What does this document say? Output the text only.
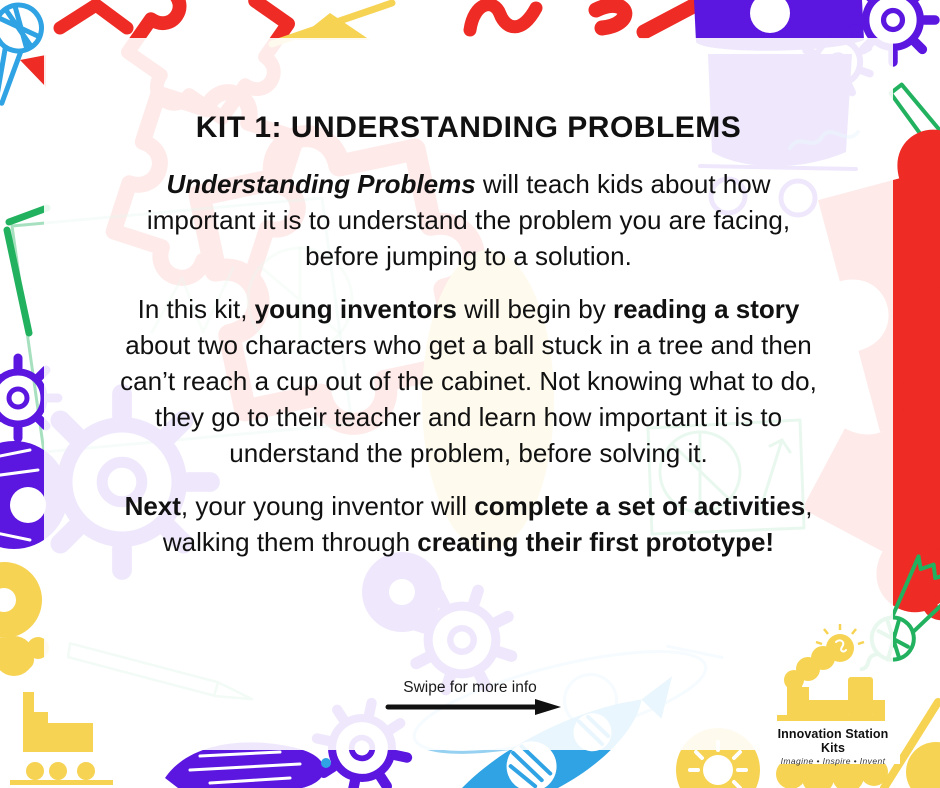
KIT 1: UNDERSTANDING PROBLEMS

Understanding Problems will teach kids about how important it is to understand the problem you are facing, before jumping to a solution.

In this kit, young inventors will begin by reading a story about two characters who get a ball stuck in a tree and then can’t reach a cup out of the cabinet. Not knowing what to do, they go to their teacher and learn how important it is to understand the problem, before solving it.

Next, your young inventor will complete a set of activities, walking them through creating their first prototype!

Swipe for more info
Innovation Station Kits
Imagine • Inspire • Invent
